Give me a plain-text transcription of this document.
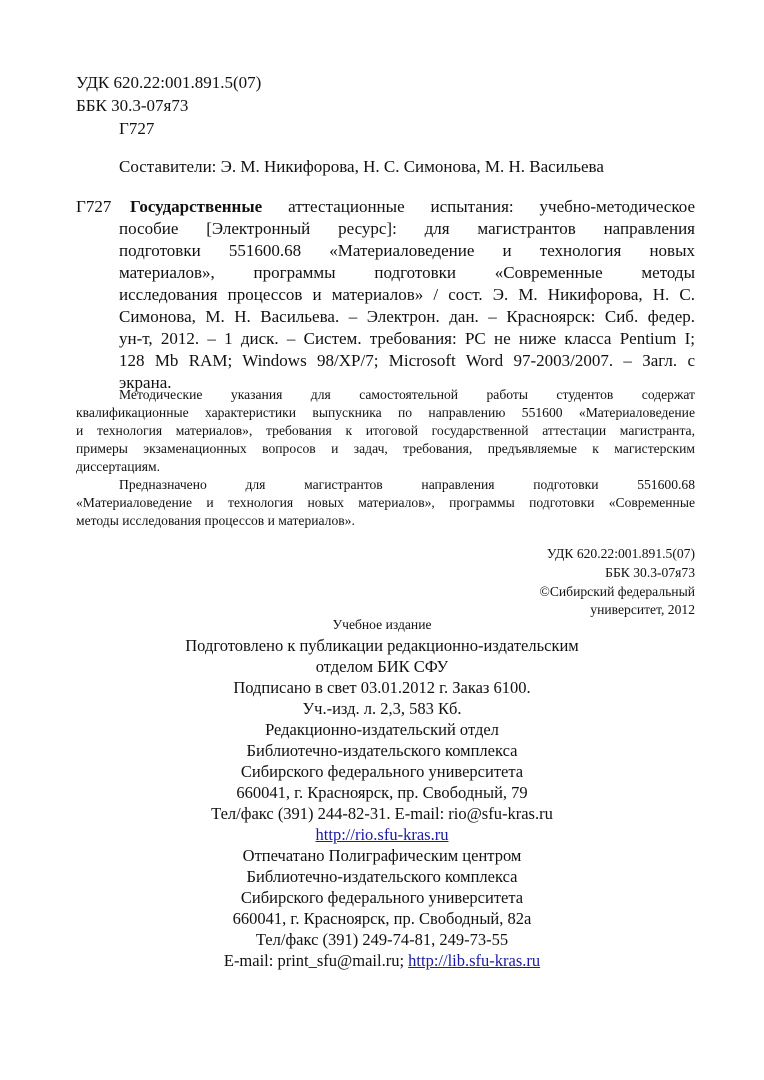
УДК 620.22:001.891.5(07)
ББК 30.3-07я73
Г727
Составители: Э. М. Никифорова, Н. С. Симонова, М. Н. Васильева
Г727 Государственные аттестационные испытания: учебно-методическое
пособие [Электронный ресурс]: для магистрантов направления
подготовки 551600.68 «Материаловедение и технология новых
материалов», программы подготовки «Современные методы
исследования процессов и материалов» / сост. Э. М. Никифорова, Н. С.
Симонова, М. Н. Васильева. – Электрон. дан. – Красноярск: Сиб. федер.
ун-т, 2012. – 1 диск. – Систем. требования: PC не ниже класса Pentium I;
128 Mb RAM; Windows 98/XP/7; Microsoft Word 97-2003/2007. – Загл. с
экрана.
Методические указания для самостоятельной работы студентов содержат
квалификационные характеристики выпускника по направлению 551600 «Материаловедение
и технология материалов», требования к итоговой государственной аттестации магистранта,
примеры экзаменационных вопросов и задач, требования, предъявляемые к магистерским
диссертациям.
Предназначено для магистрантов направления подготовки 551600.68
«Материаловедение и технология новых материалов», программы подготовки «Современные
методы исследования процессов и материалов».
УДК 620.22:001.891.5(07)
ББК 30.3-07я73
©Сибирский федеральный
университет, 2012
Учебное издание
Подготовлено к публикации редакционно-издательским
отделом БИК СФУ
Подписано в свет 03.01.2012 г. Заказ 6100.
Уч.-изд. л. 2,3, 583 Кб.
Редакционно-издательский отдел
Библиотечно-издательского комплекса
Сибирского федерального университета
660041, г. Красноярск, пр. Свободный, 79
Тел/факс (391) 244-82-31. E-mail: rio@sfu-kras.ru
http://rio.sfu-kras.ru
Отпечатано Полиграфическим центром
Библиотечно-издательского комплекса
Сибирского федерального университета
660041, г. Красноярск, пр. Свободный, 82а
Тел/факс (391) 249-74-81, 249-73-55
E-mail: print_sfu@mail.ru; http://lib.sfu-kras.ru
